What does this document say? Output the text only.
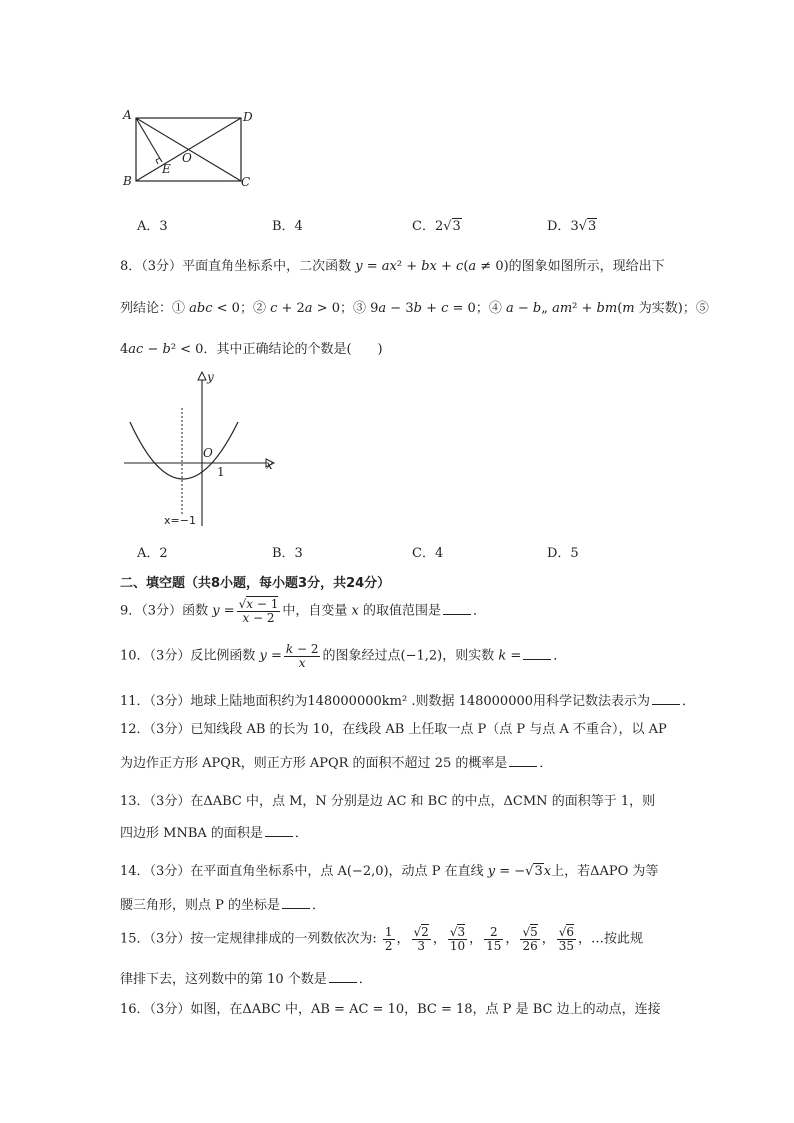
A	D
B	C
O
E
A．3	B．4	C．2√3	D．3√3
8．（3分）平面直角坐标系中，二次函数 y = ax² + bx + c(a ≠ 0)的图象如图所示，现给出下
列结论：① abc < 0；② c + 2a > 0；③ 9a − 3b + c = 0；④ a − b„ am² + bm(m 为实数)；⑤
4ac − b² < 0．其中正确结论的个数是(　　)
y
x
O
1
x=−1
A．2	B．3	C．4	D．5
二、填空题（共8小题，每小题3分，共24分）
9．（3分）函数 $y = \frac{√x - 1}{x - 2}$ 中，自变量 x 的取值范围是 ．
10．（3分）反比例函数 $y = \frac{k - 2}{x}$ 的图象经过点(−1,2)，则实数 k = ．
11．（3分）地球上陆地面积约为148000000km² .则数据 148000000用科学记数法表示为 ．
12．（3分）已知线段 AB 的长为 10，在线段 AB 上任取一点 P（点 P 与点 A 不重合），以 AP
为边作正方形 APQR，则正方形 APQR 的面积不超过 25 的概率是 ．
13．（3分）在ΔABC 中，点 M，N 分别是边 AC 和 BC 的中点，ΔCMN 的面积等于 1，则
四边形 MNBA 的面积是 ．
14．（3分）在平面直角坐标系中，点 A(−2,0)，动点 P 在直线 y = −√3x上，若ΔAPO 为等
腰三角形，则点 P 的坐标是 ．
15．（3分）按一定规律排成的一列数依次为: $\frac{1}{2}$ ， $\frac{√2}{3}$ ， $\frac{√3}{10}$ ， $\frac{2}{15}$ ， $\frac{√5}{26}$ ， $\frac{√6}{35}$ ，…按此规
律排下去，这列数中的第 10 个数是 ．
16．（3分）如图，在ΔABC 中，AB = AC = 10，BC = 18，点 P 是 BC 边上的动点，连接
